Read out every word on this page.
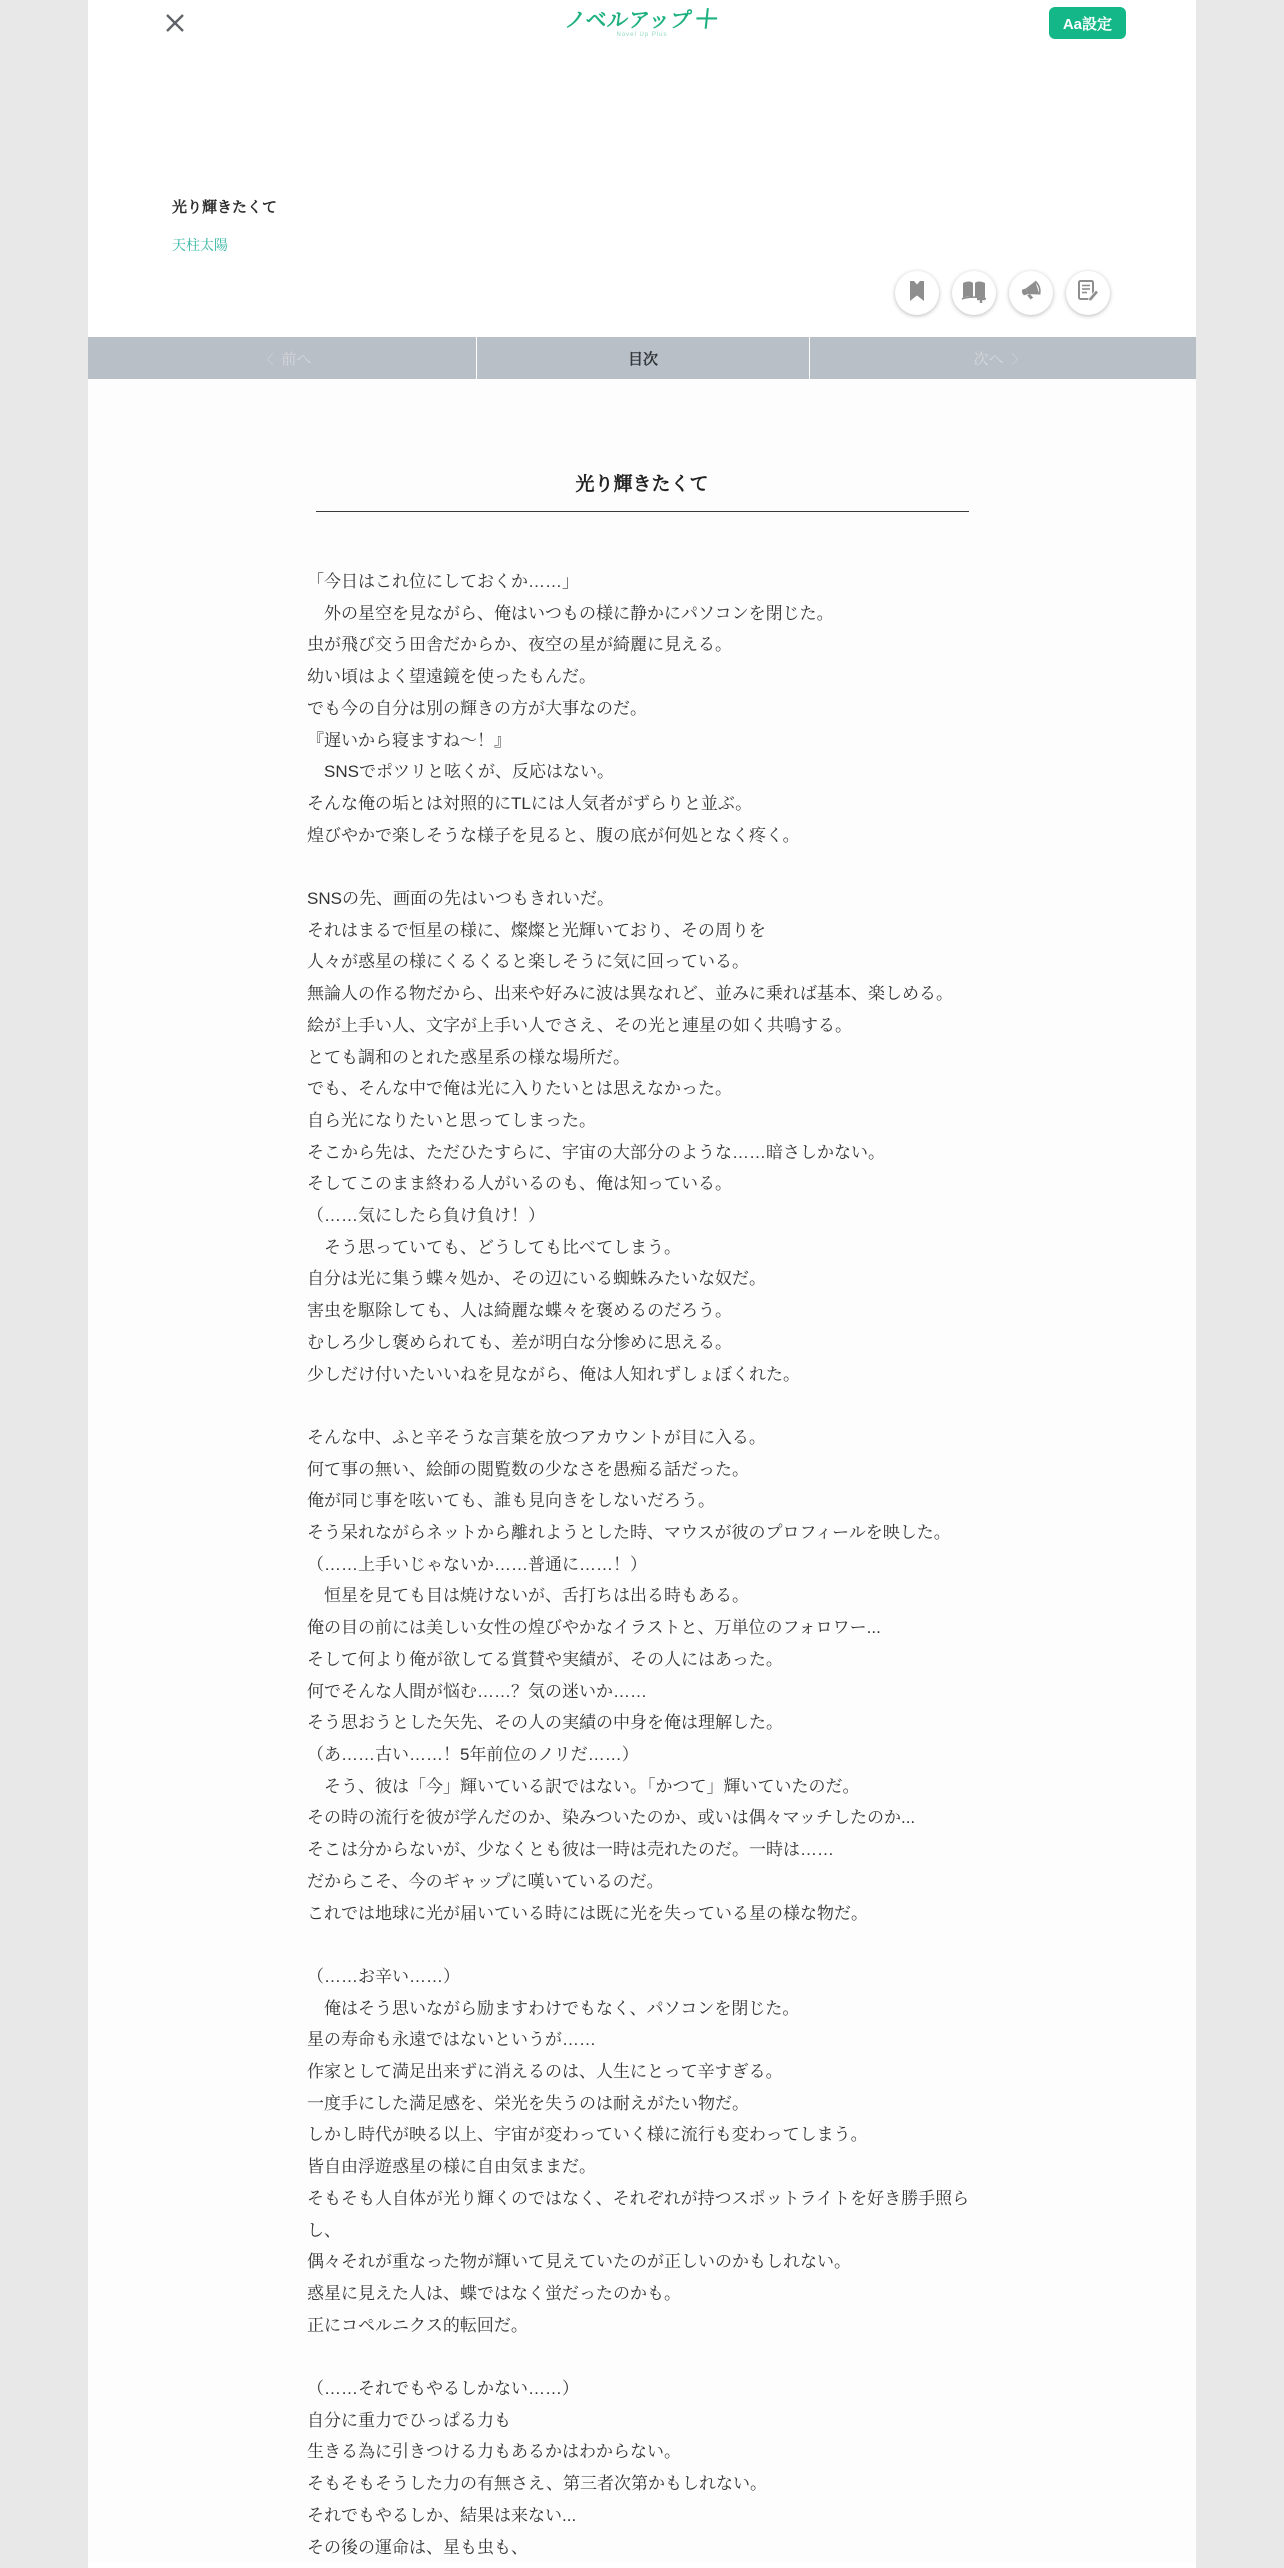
ノベルアップ ＋
Novel Up Plus
Aa設定
光り輝きたくて
天柱太陽
〈 前へ	目次	次へ 〉
光り輝きたくて

「今日はこれ位にしておくか……」

　外の星空を見ながら、俺はいつもの様に静かにパソコンを閉じた。

虫が飛び交う田舎だからか、夜空の星が綺麗に見える。

幼い頃はよく望遠鏡を使ったもんだ。

でも今の自分は別の輝きの方が大事なのだ。

『遅いから寝ますね～！』

　SNSでポツリと呟くが、反応はない。

そんな俺の垢とは対照的にTLには人気者がずらりと並ぶ。

煌びやかで楽しそうな様子を見ると、腹の底が何処となく疼く。

SNSの先、画面の先はいつもきれいだ。

それはまるで恒星の様に、燦燦と光輝いており、その周りを

人々が惑星の様にくるくると楽しそうに気に回っている。

無論人の作る物だから、出来や好みに波は異なれど、並みに乗れば基本、楽しめる。

絵が上手い人、文字が上手い人でさえ、その光と連星の如く共鳴する。

とても調和のとれた惑星系の様な場所だ。

でも、そんな中で俺は光に入りたいとは思えなかった。

自ら光になりたいと思ってしまった。

そこから先は、ただひたすらに、宇宙の大部分のような……暗さしかない。

そしてこのまま終わる人がいるのも、俺は知っている。

（……気にしたら負け負け！）

　そう思っていても、どうしても比べてしまう。

自分は光に集う蝶々処か、その辺にいる蜘蛛みたいな奴だ。

害虫を駆除しても、人は綺麗な蝶々を褒めるのだろう。

むしろ少し褒められても、差が明白な分惨めに思える。

少しだけ付いたいいねを見ながら、俺は人知れずしょぼくれた。

そんな中、ふと辛そうな言葉を放つアカウントが目に入る。

何て事の無い、絵師の閲覧数の少なさを愚痴る話だった。

俺が同じ事を呟いても、誰も見向きをしないだろう。

そう呆れながらネットから離れようとした時、マウスが彼のプロフィールを映した。

（……上手いじゃないか……普通に……！）

　恒星を見ても目は焼けないが、舌打ちは出る時もある。

俺の目の前には美しい女性の煌びやかなイラストと、万単位のフォロワー...

そして何より俺が欲してる賞賛や実績が、その人にはあった。

何でそんな人間が悩む……？気の迷いか……

そう思おうとした矢先、その人の実績の中身を俺は理解した。

（あ……古い……！5年前位のノリだ……）

　そう、彼は「今」輝いている訳ではない。「かつて」輝いていたのだ。

その時の流行を彼が学んだのか、染みついたのか、或いは偶々マッチしたのか...

そこは分からないが、少なくとも彼は一時は売れたのだ。一時は……

だからこそ、今のギャップに嘆いているのだ。

これでは地球に光が届いている時には既に光を失っている星の様な物だ。

（……お辛い……）

　俺はそう思いながら励ますわけでもなく、パソコンを閉じた。

星の寿命も永遠ではないというが……

作家として満足出来ずに消えるのは、人生にとって辛すぎる。

一度手にした満足感を、栄光を失うのは耐えがたい物だ。

しかし時代が映る以上、宇宙が変わっていく様に流行も変わってしまう。

皆自由浮遊惑星の様に自由気ままだ。

そもそも人自体が光り輝くのではなく、それぞれが持つスポットライトを好き勝手照らし、

偶々それが重なった物が輝いて見えていたのが正しいのかもしれない。

惑星に見えた人は、蝶ではなく蛍だったのかも。

正にコペルニクス的転回だ。

（……それでもやるしかない……）

自分に重力でひっぱる力も

生きる為に引きつける力もあるかはわからない。

そもそもそうした力の有無さえ、第三者次第かもしれない。

それでもやるしか、結果は来ない...

その後の運命は、星も虫も、
